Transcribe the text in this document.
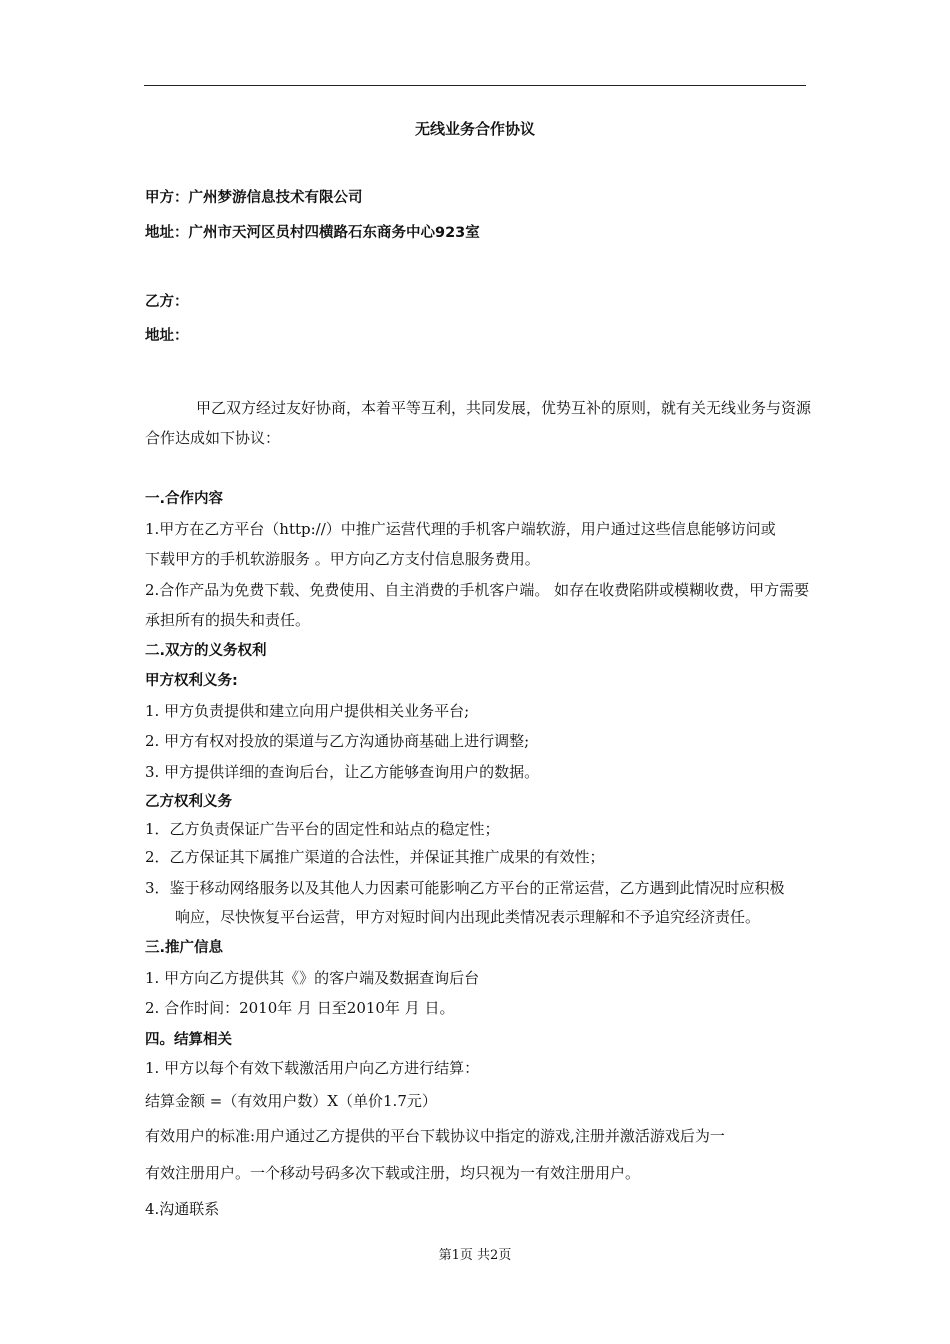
无线业务合作协议
甲方：广州梦游信息技术有限公司
地址：广州市天河区员村四横路石东商务中心923室
乙方：
地址：
甲乙双方经过友好协商，本着平等互利，共同发展，优势互补的原则，就有关无线业务与资源
合作达成如下协议：
一.合作内容
1.甲方在乙方平台（http://）中推广运营代理的手机客户端软游，用户通过这些信息能够访问或
下载甲方的手机软游服务 。甲方向乙方支付信息服务费用。
2.合作产品为免费下载、免费使用、自主消费的手机客户端。 如存在收费陷阱或模糊收费，甲方需要
承担所有的损失和责任。
二.双方的义务权利
甲方权利义务:
1. 甲方负责提供和建立向用户提供相关业务平台;
2. 甲方有权对投放的渠道与乙方沟通协商基础上进行调整;
3. 甲方提供详细的查询后台，让乙方能够查询用户的数据。
乙方权利义务
1．乙方负责保证广告平台的固定性和站点的稳定性；
2．乙方保证其下属推广渠道的合法性，并保证其推广成果的有效性；
3．鉴于移动网络服务以及其他人力因素可能影响乙方平台的正常运营，乙方遇到此情况时应积极
响应，尽快恢复平台运营，甲方对短时间内出现此类情况表示理解和不予追究经济责任。
三.推广信息
1. 甲方向乙方提供其《》的客户端及数据查询后台
2. 合作时间：2010年 月 日至2010年 月 日。
四。结算相关
1. 甲方以每个有效下载激活用户向乙方进行结算：
结算金额 =（有效用户数）X（单价1.7元）
有效用户的标准:用户通过乙方提供的平台下载协议中指定的游戏,注册并激活游戏后为一
有效注册用户。一个移动号码多次下载或注册，均只视为一有效注册用户。
4.沟通联系
第1页 共2页
